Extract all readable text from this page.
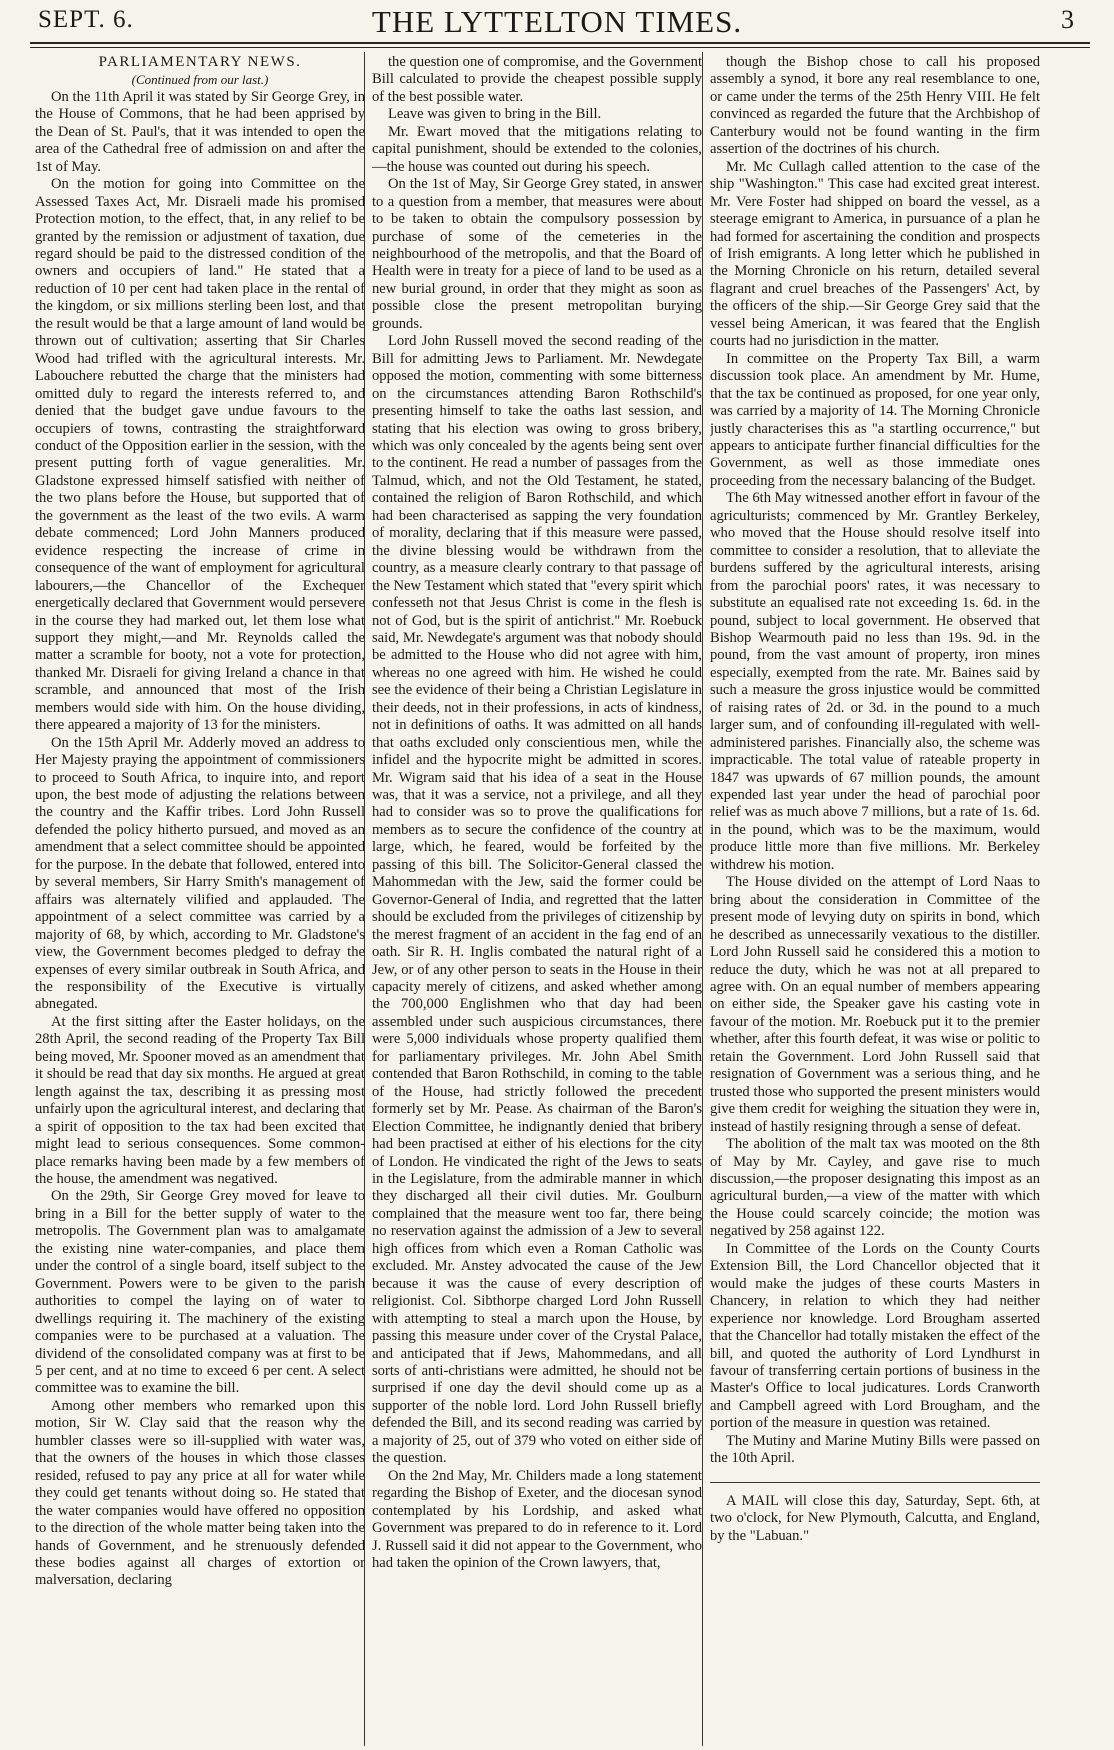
SEPT. 6.	THE LYTTELTON TIMES.	3

PARLIAMENTARY NEWS.

(Continued from our last.)

On the 11th April it was stated by Sir George Grey, in the House of Commons, that he had been apprised by the Dean of St. Paul's, that it was intended to open the area of the Cathedral free of admission on and after the 1st of May.

On the motion for going into Committee on the Assessed Taxes Act, Mr. Disraeli made his promised Protection motion, to the effect, that, in any relief to be granted by the remission or adjustment of taxation, due regard should be paid to the distressed condition of the owners and occupiers of land." He stated that a reduction of 10 per cent had taken place in the rental of the kingdom, or six millions sterling been lost, and that the result would be that a large amount of land would be thrown out of cultivation; asserting that Sir Charles Wood had trifled with the agricultural interests. Mr. Labouchere rebutted the charge that the ministers had omitted duly to regard the interests referred to, and denied that the budget gave undue favours to the occupiers of towns, contrasting the straightforward conduct of the Opposition earlier in the session, with the present putting forth of vague generalities. Mr. Gladstone expressed himself satisfied with neither of the two plans before the House, but supported that of the government as the least of the two evils. A warm debate commenced; Lord John Manners produced evidence respecting the increase of crime in consequence of the want of employment for agricultural labourers,—the Chancellor of the Exchequer energetically declared that Government would persevere in the course they had marked out, let them lose what support they might,—and Mr. Reynolds called the matter a scramble for booty, not a vote for protection, thanked Mr. Disraeli for giving Ireland a chance in that scramble, and announced that most of the Irish members would side with him. On the house dividing, there appeared a majority of 13 for the ministers.

On the 15th April Mr. Adderly moved an address to Her Majesty praying the appointment of commissioners to proceed to South Africa, to inquire into, and report upon, the best mode of adjusting the relations between the country and the Kaffir tribes. Lord John Russell defended the policy hitherto pursued, and moved as an amendment that a select committee should be appointed for the purpose. In the debate that followed, entered into by several members, Sir Harry Smith's management of affairs was alternately vilified and applauded. The appointment of a select committee was carried by a majority of 68, by which, according to Mr. Gladstone's view, the Government becomes pledged to defray the expenses of every similar outbreak in South Africa, and the responsibility of the Executive is virtually abnegated.

At the first sitting after the Easter holidays, on the 28th April, the second reading of the Property Tax Bill being moved, Mr. Spooner moved as an amendment that it should be read that day six months. He argued at great length against the tax, describing it as pressing most unfairly upon the agricultural interest, and declaring that a spirit of opposition to the tax had been excited that might lead to serious consequences. Some common-place remarks having been made by a few members of the house, the amendment was negatived.

On the 29th, Sir George Grey moved for leave to bring in a Bill for the better supply of water to the metropolis. The Government plan was to amalgamate the existing nine water-companies, and place them under the control of a single board, itself subject to the Government. Powers were to be given to the parish authorities to compel the laying on of water to dwellings requiring it. The machinery of the existing companies were to be purchased at a valuation. The dividend of the consolidated company was at first to be 5 per cent, and at no time to exceed 6 per cent. A select committee was to examine the bill.

Among other members who remarked upon this motion, Sir W. Clay said that the reason why the humbler classes were so ill-supplied with water was, that the owners of the houses in which those classes resided, refused to pay any price at all for water while they could get tenants without doing so. He stated that the water companies would have offered no opposition to the direction of the whole matter being taken into the hands of Government, and he strenuously defended these bodies against all charges of extortion or malversation, declaring

the question one of compromise, and the Government Bill calculated to provide the cheapest possible supply of the best possible water.

Leave was given to bring in the Bill.

Mr. Ewart moved that the mitigations relating to capital punishment, should be extended to the colonies,—the house was counted out during his speech.

On the 1st of May, Sir George Grey stated, in answer to a question from a member, that measures were about to be taken to obtain the compulsory possession by purchase of some of the cemeteries in the neighbourhood of the metropolis, and that the Board of Health were in treaty for a piece of land to be used as a new burial ground, in order that they might as soon as possible close the present metropolitan burying grounds.

Lord John Russell moved the second reading of the Bill for admitting Jews to Parliament. Mr. Newdegate opposed the motion, commenting with some bitterness on the circumstances attending Baron Rothschild's presenting himself to take the oaths last session, and stating that his election was owing to gross bribery, which was only concealed by the agents being sent over to the continent. He read a number of passages from the Talmud, which, and not the Old Testament, he stated, contained the religion of Baron Rothschild, and which had been characterised as sapping the very foundation of morality, declaring that if this measure were passed, the divine blessing would be withdrawn from the country, as a measure clearly contrary to that passage of the New Testament which stated that "every spirit which confesseth not that Jesus Christ is come in the flesh is not of God, but is the spirit of antichrist." Mr. Roebuck said, Mr. Newdegate's argument was that nobody should be admitted to the House who did not agree with him, whereas no one agreed with him. He wished he could see the evidence of their being a Christian Legislature in their deeds, not in their professions, in acts of kindness, not in definitions of oaths. It was admitted on all hands that oaths excluded only conscientious men, while the infidel and the hypocrite might be admitted in scores. Mr. Wigram said that his idea of a seat in the House was, that it was a service, not a privilege, and all they had to consider was so to prove the qualifications for members as to secure the confidence of the country at large, which, he feared, would be forfeited by the passing of this bill. The Solicitor-General classed the Mahommedan with the Jew, said the former could be Governor-General of India, and regretted that the latter should be excluded from the privileges of citizenship by the merest fragment of an accident in the fag end of an oath. Sir R. H. Inglis combated the natural right of a Jew, or of any other person to seats in the House in their capacity merely of citizens, and asked whether among the 700,000 Englishmen who that day had been assembled under such auspicious circumstances, there were 5,000 individuals whose property qualified them for parliamentary privileges. Mr. John Abel Smith contended that Baron Rothschild, in coming to the table of the House, had strictly followed the precedent formerly set by Mr. Pease. As chairman of the Baron's Election Committee, he indignantly denied that bribery had been practised at either of his elections for the city of London. He vindicated the right of the Jews to seats in the Legislature, from the admirable manner in which they discharged all their civil duties. Mr. Goulburn complained that the measure went too far, there being no reservation against the admission of a Jew to several high offices from which even a Roman Catholic was excluded. Mr. Anstey advocated the cause of the Jew because it was the cause of every description of religionist. Col. Sibthorpe charged Lord John Russell with attempting to steal a march upon the House, by passing this measure under cover of the Crystal Palace, and anticipated that if Jews, Mahommedans, and all sorts of anti-christians were admitted, he should not be surprised if one day the devil should come up as a supporter of the noble lord. Lord John Russell briefly defended the Bill, and its second reading was carried by a majority of 25, out of 379 who voted on either side of the question.

On the 2nd May, Mr. Childers made a long statement regarding the Bishop of Exeter, and the diocesan synod contemplated by his Lordship, and asked what Government was prepared to do in reference to it. Lord J. Russell said it did not appear to the Government, who had taken the opinion of the Crown lawyers, that,

though the Bishop chose to call his proposed assembly a synod, it bore any real resemblance to one, or came under the terms of the 25th Henry VIII. He felt convinced as regarded the future that the Archbishop of Canterbury would not be found wanting in the firm assertion of the doctrines of his church.

Mr. Mc Cullagh called attention to the case of the ship "Washington." This case had excited great interest. Mr. Vere Foster had shipped on board the vessel, as a steerage emigrant to America, in pursuance of a plan he had formed for ascertaining the condition and prospects of Irish emigrants. A long letter which he published in the Morning Chronicle on his return, detailed several flagrant and cruel breaches of the Passengers' Act, by the officers of the ship.—Sir George Grey said that the vessel being American, it was feared that the English courts had no jurisdiction in the matter.

In committee on the Property Tax Bill, a warm discussion took place. An amendment by Mr. Hume, that the tax be continued as proposed, for one year only, was carried by a majority of 14. The Morning Chronicle justly characterises this as "a startling occurrence," but appears to anticipate further financial difficulties for the Government, as well as those immediate ones proceeding from the necessary balancing of the Budget.

The 6th May witnessed another effort in favour of the agriculturists; commenced by Mr. Grantley Berkeley, who moved that the House should resolve itself into committee to consider a resolution, that to alleviate the burdens suffered by the agricultural interests, arising from the parochial poors' rates, it was necessary to substitute an equalised rate not exceeding 1s. 6d. in the pound, subject to local government. He observed that Bishop Wearmouth paid no less than 19s. 9d. in the pound, from the vast amount of property, iron mines especially, exempted from the rate. Mr. Baines said by such a measure the gross injustice would be committed of raising rates of 2d. or 3d. in the pound to a much larger sum, and of confounding ill-regulated with well-administered parishes. Financially also, the scheme was impracticable. The total value of rateable property in 1847 was upwards of 67 million pounds, the amount expended last year under the head of parochial poor relief was as much above 7 millions, but a rate of 1s. 6d. in the pound, which was to be the maximum, would produce little more than five millions. Mr. Berkeley withdrew his motion.

The House divided on the attempt of Lord Naas to bring about the consideration in Committee of the present mode of levying duty on spirits in bond, which he described as unnecessarily vexatious to the distiller. Lord John Russell said he considered this a motion to reduce the duty, which he was not at all prepared to agree with. On an equal number of members appearing on either side, the Speaker gave his casting vote in favour of the motion. Mr. Roebuck put it to the premier whether, after this fourth defeat, it was wise or politic to retain the Government. Lord John Russell said that resignation of Government was a serious thing, and he trusted those who supported the present ministers would give them credit for weighing the situation they were in, instead of hastily resigning through a sense of defeat.

The abolition of the malt tax was mooted on the 8th of May by Mr. Cayley, and gave rise to much discussion,—the proposer designating this impost as an agricultural burden,—a view of the matter with which the House could scarcely coincide; the motion was negatived by 258 against 122.

In Committee of the Lords on the County Courts Extension Bill, the Lord Chancellor objected that it would make the judges of these courts Masters in Chancery, in relation to which they had neither experience nor knowledge. Lord Brougham asserted that the Chancellor had totally mistaken the effect of the bill, and quoted the authority of Lord Lyndhurst in favour of transferring certain portions of business in the Master's Office to local judicatures. Lords Cranworth and Campbell agreed with Lord Brougham, and the portion of the measure in question was retained.

The Mutiny and Marine Mutiny Bills were passed on the 10th April.

A MAIL will close this day, Saturday, Sept. 6th, at two o'clock, for New Plymouth, Calcutta, and England, by the "Labuan."
